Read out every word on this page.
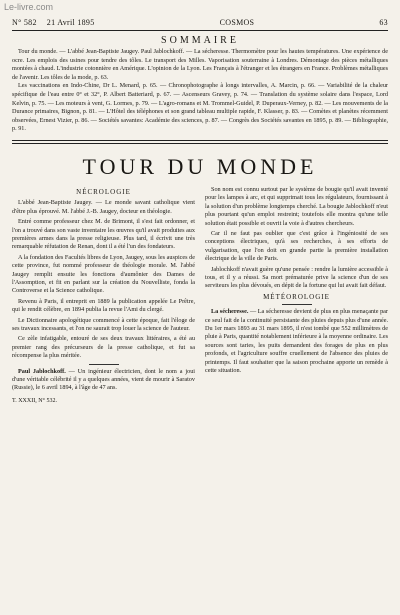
Le-livre.com
N° 582 21 Avril 1895	COSMOS	63
SOMMAIRE

Tour du monde. — L'abbé Jean-Baptiste Jaugey. Paul Jablochkoff. — La sécheresse. Thermomètre pour les hautes températures. Une expérience de ocre. Les emplois des usines pour tendre des tôles. Le transport des Milles. Vaporisation souterraine à Londres. Démontage des pièces métalliques montées à chaud. L'industrie cotonnière en Amérique. L'opinion de la Lyon. Les Français à l'étranger et les étrangers en France. Problèmes métalliques de l'avenir. Les tôles de la mode, p. 63.

Les vaccinations en Indo-Chine, Dr L. Menard, p. 65. — Chronophotographe à longs intervalles, A. Marcin, p. 66. — Variabilité de la chaleur spécifique de l'eau entre 0° et 32°, P. Albert Batteriard, p. 67. — Ascenseurs Gravey, p. 74. — Translation du système solaire dans l'espace, Lord Kelvin, p. 75. — Les moteurs à vent, G. Lormes, p. 79. — L'agro-romans et M. Trommel-Guidel, P. Duperaux-Verney, p. 82. — Les mouvements de la Durance primaires, Bignon, p. 81. — L'Hôtel des téléphones et son grand tableau multiple rapide, F. Klasser, p. 83. — Comètes et planètes récemment observées, Ernest Vizier, p. 86. — Sociétés savantes: Académie des sciences, p. 87. — Congrès des Sociétés savantes en 1895, p. 89. — Bibliographie, p. 91.

TOUR DU MONDE
NÉCROLOGIE

L'abbé Jean-Baptiste Jaugey. — Le monde savant catholique vient d'être plus éprouvé. M. l'abbé J.-B. Jaugey, docteur en théologie.

Entré comme professeur chez M. de Brimont, il s'est fait ordonner, et l'on a trouvé dans son vaste inventaire les œuvres qu'il avait produites aux premières armes dans la presse religieuse. Plus tard, il écrivit une très remarquable réfutation de Renan, dont il a été l'un des fondateurs.

A la fondation des Facultés libres de Lyon, Jaugey, sous les auspices de cette province, fut nommé professeur de théologie morale. M. l'abbé Jaugey remplit ensuite les fonctions d'aumônier des Dames de l'Assomption, et fit en parlant sur la création du Nouvelliste, fonda la Controverse et la Science catholique.

Revenu à Paris, il entreprit en 1889 la publication appelée Le Prêtre, qui le rendit célèbre, en 1894 publia la revue l'Ami du clergé.

Le Dictionnaire apologétique commencé à cette époque, fait l'éloge de ses travaux incessants, et l'on ne saurait trop louer la science de l'auteur.

Ce zèle infatigable, entouré de ses deux travaux littéraires, a été au premier rang des précurseurs de la presse catholique, et fut sa récompense la plus méritée.

Paul Jablochkoff. — Un ingénieur électricien, dont le nom a joui d'une véritable célébrité il y a quelques années, vient de mourir à Saratov (Russie), le 6 avril 1894, à l'âge de 47 ans.

T. XXXII, N° 532.

Son nom est connu surtout par le système de bougie qu'il avait inventé pour les lampes à arc, et qui supprimait tous les régulateurs, fournissant à la solution d'un problème longtemps cherché. La bougie Jablochkoff n'eut plus pourtant qu'un emploi restreint; toutefois elle montra qu'une telle solution était possible et ouvrit la voie à d'autres chercheurs.

Car il ne faut pas oublier que c'est grâce à l'ingéniosité de ses conceptions électriques, qu'à ses recherches, à ses efforts de vulgarisation, que l'on doit en grande partie la première installation électrique de la ville de Paris.

Jablochkoff n'avait guère qu'une pensée : rendre la lumière accessible à tous, et il y a réussi. Sa mort prématurée prive la science d'un de ses serviteurs les plus dévoués, en dépit de la fortune qui lui avait fait défaut.

MÉTÉOROLOGIE

La sécheresse. — La sécheresse devient de plus en plus menaçante par ce seul fait de la continuité persistante des pluies depuis plus d'une année. Du 1er mars 1893 au 31 mars 1895, il n'est tombé que 552 millimètres de pluie à Paris, quantité notablement inférieure à la moyenne ordinaire. Les sources sont taries, les puits demandent des forages de plus en plus profonds, et l'agriculture souffre cruellement de l'absence des pluies de printemps. Il faut souhaiter que la saison prochaine apporte un remède à cette situation.
